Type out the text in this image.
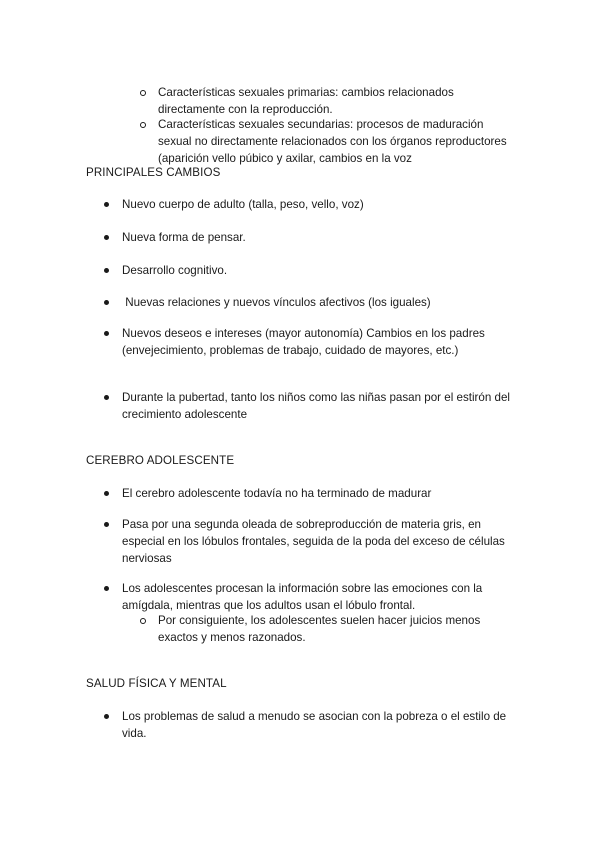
Características sexuales primarias: cambios relacionados directamente con la reproducción.
Características sexuales secundarias: procesos de maduración sexual no directamente relacionados con los órganos reproductores (aparición vello púbico y axilar, cambios en la voz
PRINCIPALES CAMBIOS
Nuevo cuerpo de adulto (talla, peso, vello, voz)
Nueva forma de pensar.
Desarrollo cognitivo.
Nuevas relaciones y nuevos vínculos afectivos (los iguales)
Nuevos deseos e intereses (mayor autonomía) Cambios en los padres (envejecimiento, problemas de trabajo, cuidado de mayores, etc.)
Durante la pubertad, tanto los niños como las niñas pasan por el estirón del crecimiento adolescente
CEREBRO ADOLESCENTE
El cerebro adolescente todavía no ha terminado de madurar
Pasa por una segunda oleada de sobreproducción de materia gris, en especial en los lóbulos frontales, seguida de la poda del exceso de células nerviosas
Los adolescentes procesan la información sobre las emociones con la amígdala, mientras que los adultos usan el lóbulo frontal.
Por consiguiente, los adolescentes suelen hacer juicios menos exactos y menos razonados.
SALUD FÍSICA Y MENTAL
Los problemas de salud a menudo se asocian con la pobreza o el estilo de vida.
